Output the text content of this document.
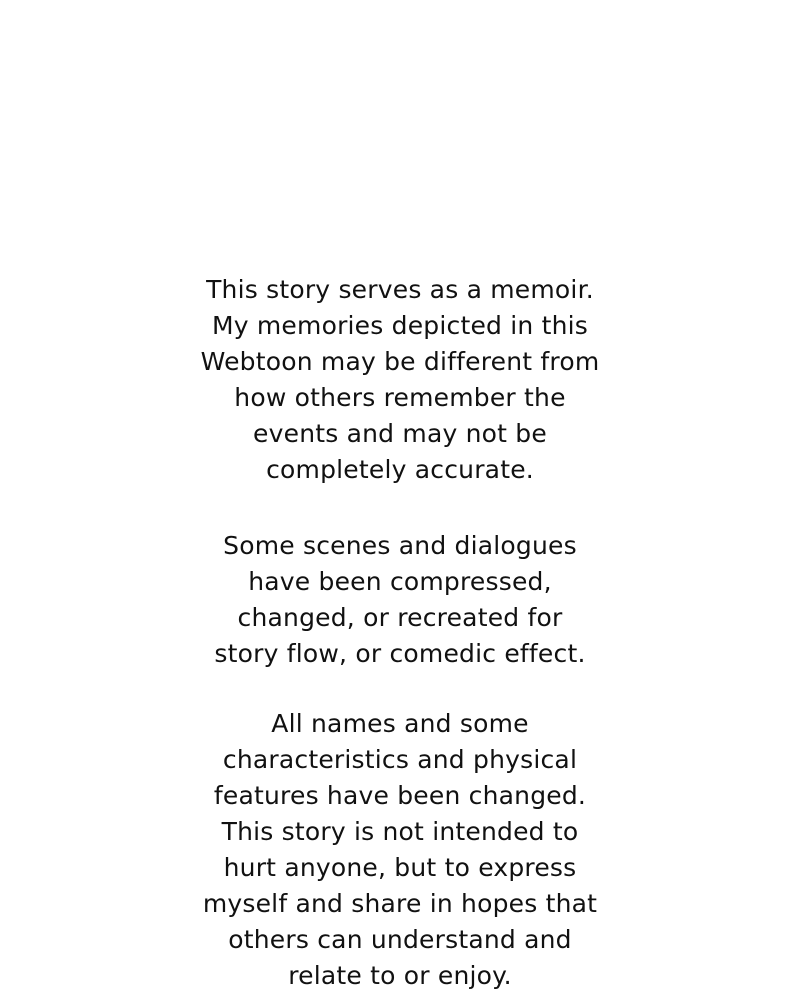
This story serves as a memoir.
My memories depicted in this
Webtoon may be different from
how others remember the
events and may not be
completely accurate.
Some scenes and dialogues
have been compressed,
changed, or recreated for
story flow, or comedic effect.
All names and some
characteristics and physical
features have been changed.
This story is not intended to
hurt anyone, but to express
myself and share in hopes that
others can understand and
relate to or enjoy.
